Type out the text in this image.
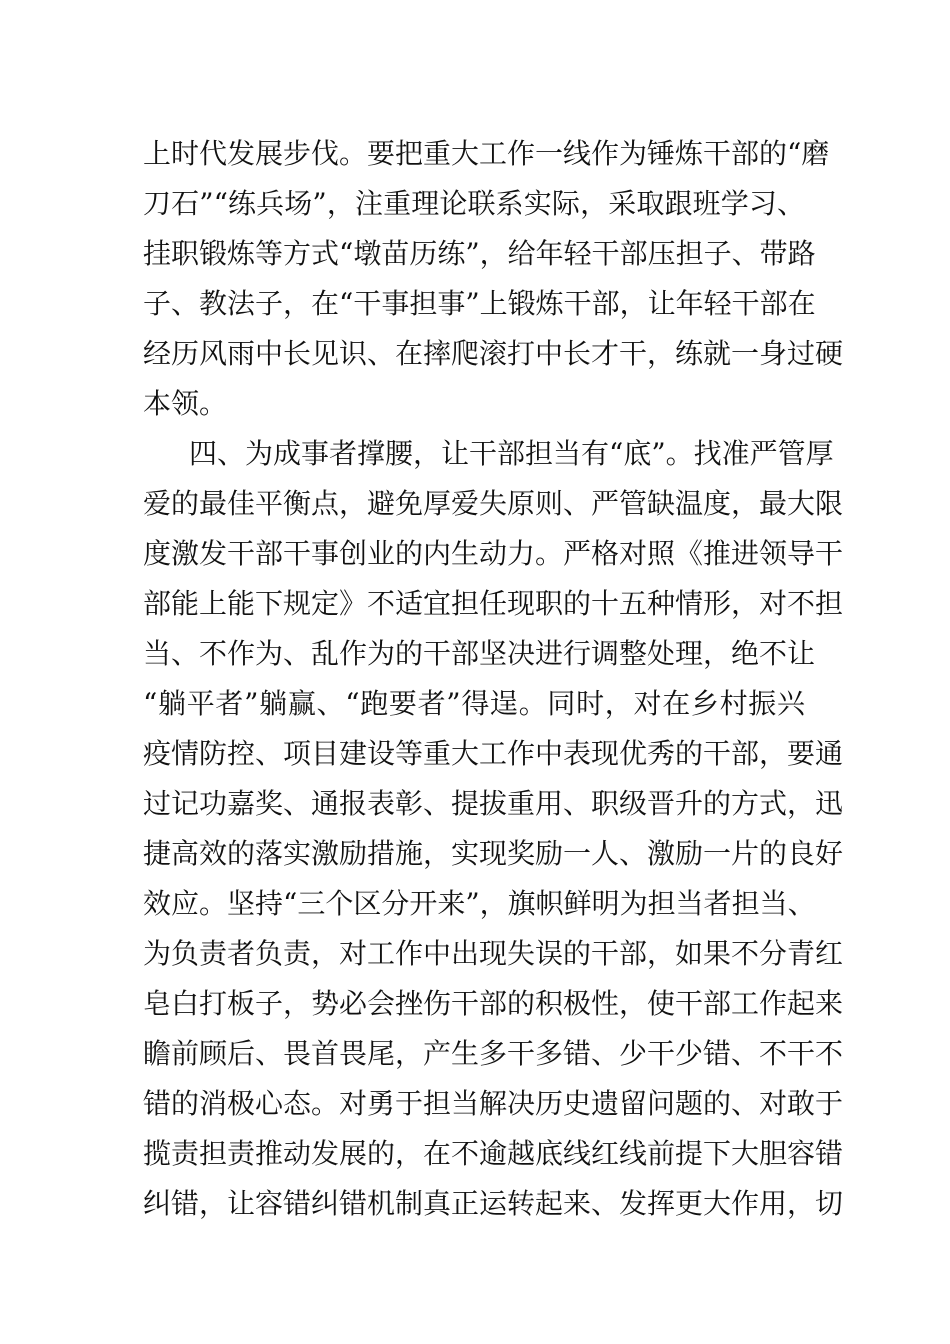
上时代发展步伐。要把重大工作一线作为锤炼干部的“磨
刀石”“练兵场”，注重理论联系实际，采取跟班学习、
挂职锻炼等方式“墩苗历练”，给年轻干部压担子、带路
子、教法子，在“干事担事”上锻炼干部，让年轻干部在
经历风雨中长见识、在摔爬滚打中长才干，练就一身过硬
本领。
四、为成事者撑腰，让干部担当有“底”。找准严管厚
爱的最佳平衡点，避免厚爱失原则、严管缺温度，最大限
度激发干部干事创业的内生动力。严格对照《推进领导干
部能上能下规定》不适宜担任现职的十五种情形，对不担
当、不作为、乱作为的干部坚决进行调整处理，绝不让
“躺平者”躺赢、“跑要者”得逞。同时，对在乡村振兴
疫情防控、项目建设等重大工作中表现优秀的干部，要通
过记功嘉奖、通报表彰、提拔重用、职级晋升的方式，迅
捷高效的落实激励措施，实现奖励一人、激励一片的良好
效应。坚持“三个区分开来”，旗帜鲜明为担当者担当、
为负责者负责，对工作中出现失误的干部，如果不分青红
皂白打板子，势必会挫伤干部的积极性，使干部工作起来
瞻前顾后、畏首畏尾，产生多干多错、少干少错、不干不
错的消极心态。对勇于担当解决历史遗留问题的、对敢于
揽责担责推动发展的，在不逾越底线红线前提下大胆容错
纠错，让容错纠错机制真正运转起来、发挥更大作用，切
